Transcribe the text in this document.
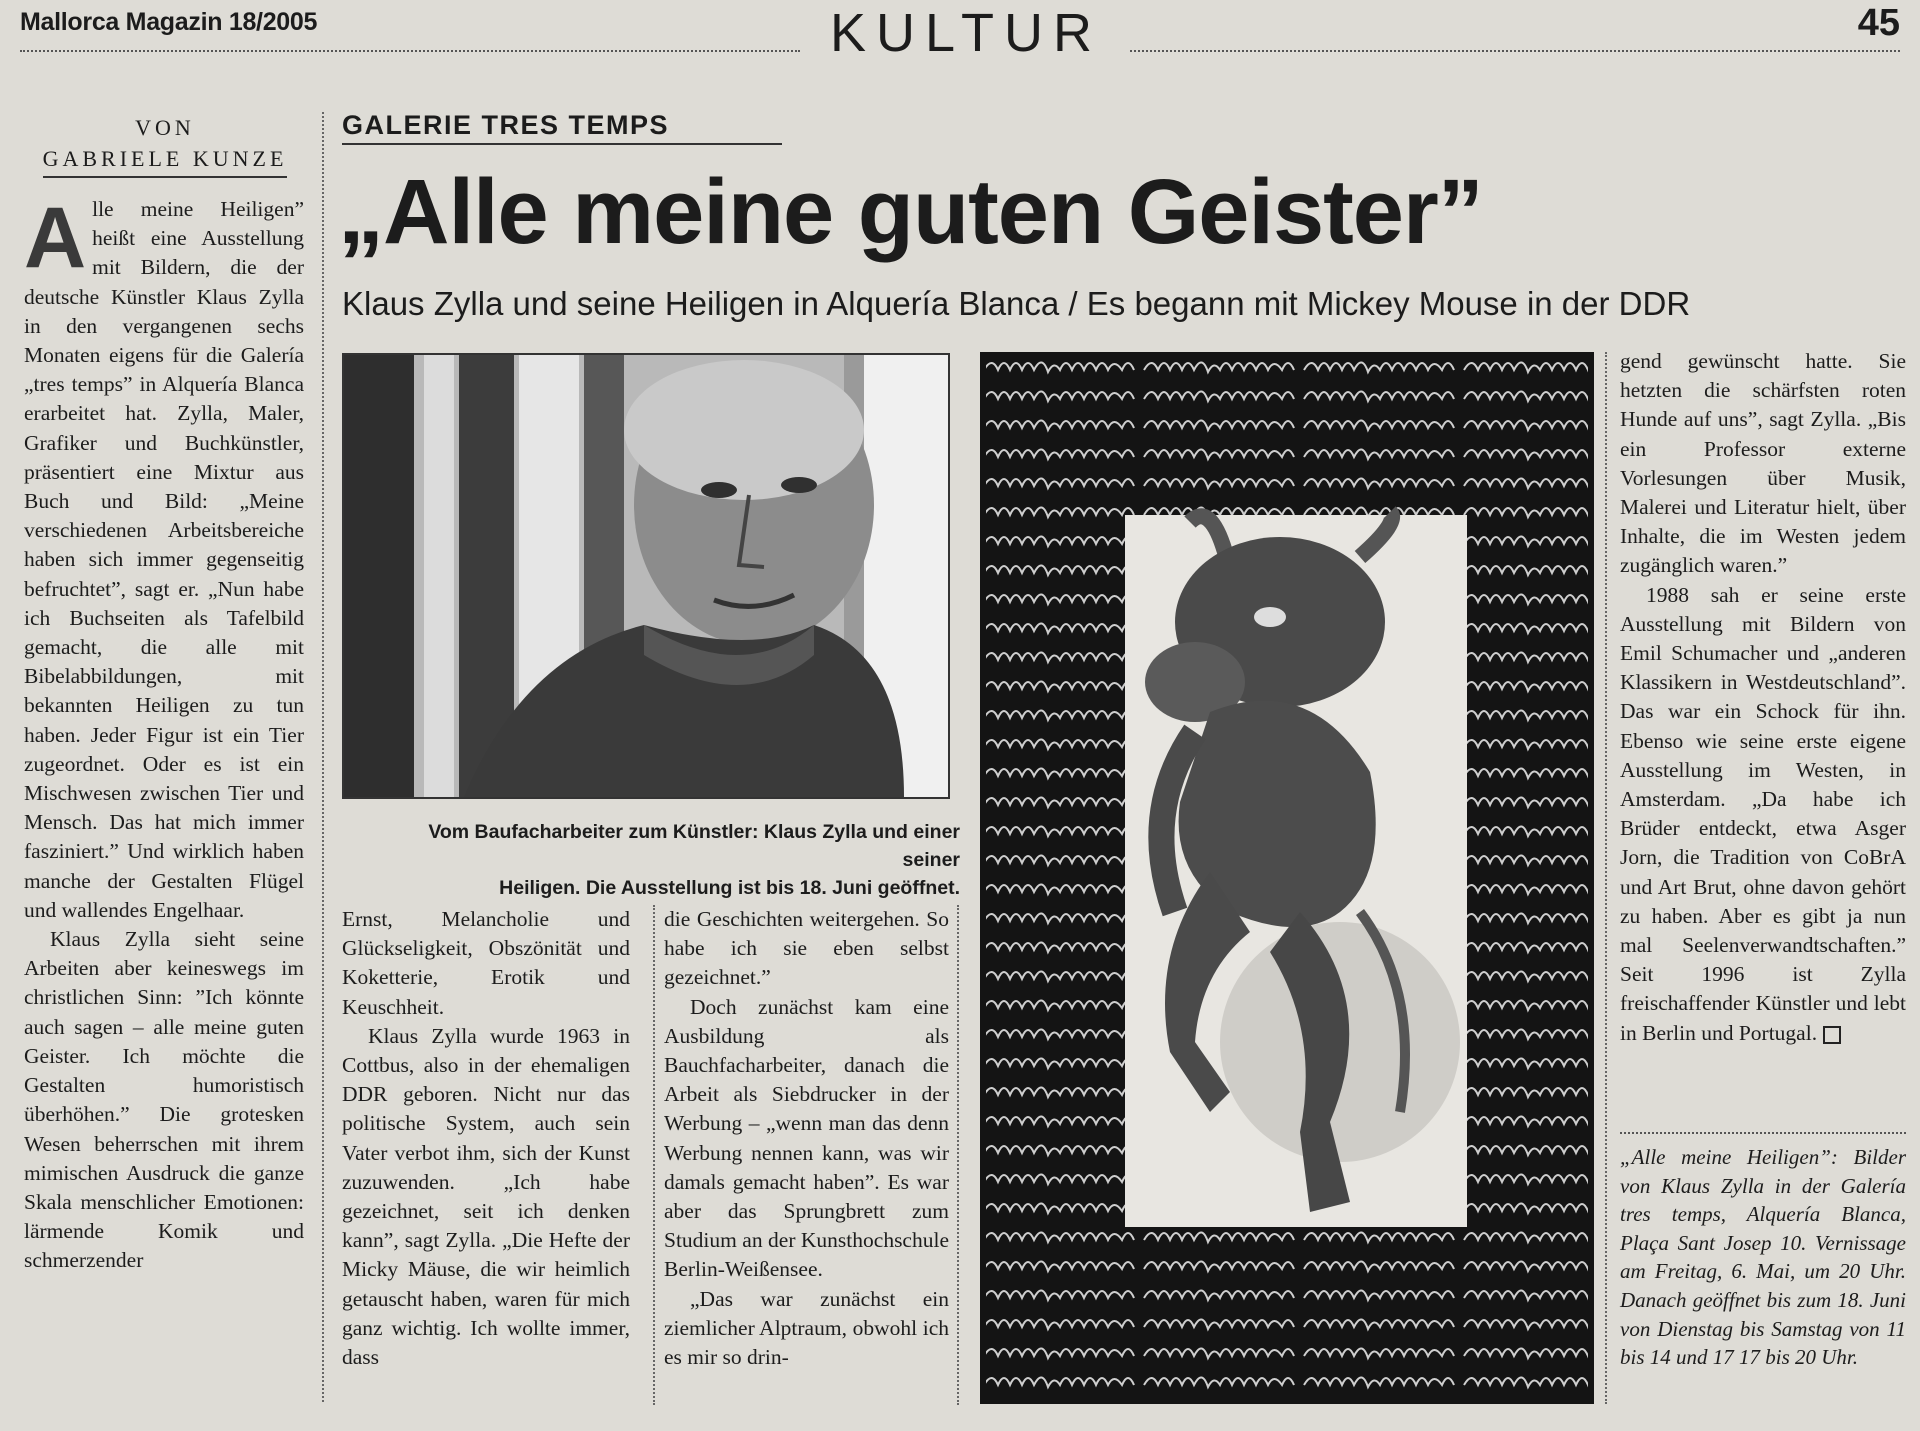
Mallorca Magazin 18/2005	KULTUR	45
VON
GABRIELE KUNZE
GALERIE TRES TEMPS
„Alle meine guten Geister”
Klaus Zylla und seine Heiligen in Alquería Blanca / Es begann mit Mickey Mouse in der DDR

Alle meine Heiligen” heißt eine Ausstellung mit Bildern, die der deutsche Künstler Klaus Zylla in den vergangenen sechs Monaten eigens für die Galería „tres temps” in Alquería Blanca erarbeitet hat. Zylla, Maler, Grafiker und Buchkünstler, präsentiert eine Mixtur aus Buch und Bild: „Meine verschiedenen Arbeitsbereiche haben sich immer gegenseitig befruchtet”, sagt er. „Nun habe ich Buchseiten als Tafelbild gemacht, die alle mit Bibelabbildungen, mit bekannten Heiligen zu tun haben. Jeder Figur ist ein Tier zugeordnet. Oder es ist ein Mischwesen zwischen Tier und Mensch. Das hat mich immer fasziniert.” Und wirklich haben manche der Gestalten Flügel und wallendes Engelhaar.

Klaus Zylla sieht seine Arbeiten aber keineswegs im christlichen Sinn: ”Ich könnte auch sagen – alle meine guten Geister. Ich möchte die Gestalten humoristisch überhöhen.” Die grotesken Wesen beherrschen mit ihrem mimischen Ausdruck die ganze Skala menschlicher Emotionen: lärmende Komik und schmerzender

Vom Baufacharbeiter zum Künstler: Klaus Zylla und einer seiner
Heiligen. Die Ausstellung ist bis 18. Juni geöffnet.

Ernst, Melancholie und Glückseligkeit, Obszönität und Koketterie, Erotik und Keuschheit.

Klaus Zylla wurde 1963 in Cottbus, also in der ehemaligen DDR geboren. Nicht nur das politische System, auch sein Vater verbot ihm, sich der Kunst zuzuwenden. „Ich habe gezeichnet, seit ich denken kann”, sagt Zylla. „Die Hefte der Micky Mäuse, die wir heimlich getauscht haben, waren für mich ganz wichtig. Ich wollte immer, dass

die Geschichten weitergehen. So habe ich sie eben selbst gezeichnet.”

Doch zunächst kam eine Ausbildung als Bauchfacharbeiter, danach die Arbeit als Siebdrucker in der Werbung – „wenn man das denn Werbung nennen kann, was wir damals gemacht haben”. Es war aber das Sprungbrett zum Studium an der Kunsthochschule Berlin-Weißensee.

„Das war zunächst ein ziemlicher Alptraum, obwohl ich es mir so drin-

gend gewünscht hatte. Sie hetzten die schärfsten roten Hunde auf uns”, sagt Zylla. „Bis ein Professor externe Vorlesungen über Musik, Malerei und Literatur hielt, über Inhalte, die im Westen jedem zugänglich waren.”

1988 sah er seine erste Ausstellung mit Bildern von Emil Schumacher und „anderen Klassikern in Westdeutschland”. Das war ein Schock für ihn. Ebenso wie seine erste eigene Ausstellung im Westen, in Amsterdam. „Da habe ich Brüder entdeckt, etwa Asger Jorn, die Tradition von CoBrA und Art Brut, ohne davon gehört zu haben. Aber es gibt ja nun mal Seelenverwandtschaften.” Seit 1996 ist Zylla freischaffender Künstler und lebt in Berlin und Portugal.

„Alle meine Heiligen”: Bilder von Klaus Zylla in der Galería tres temps, Alquería Blanca, Plaça Sant Josep 10. Vernissage am Freitag, 6. Mai, um 20 Uhr. Danach geöffnet bis zum 18. Juni von Dienstag bis Samstag von 11 bis 14 und 17 17 bis 20 Uhr.
